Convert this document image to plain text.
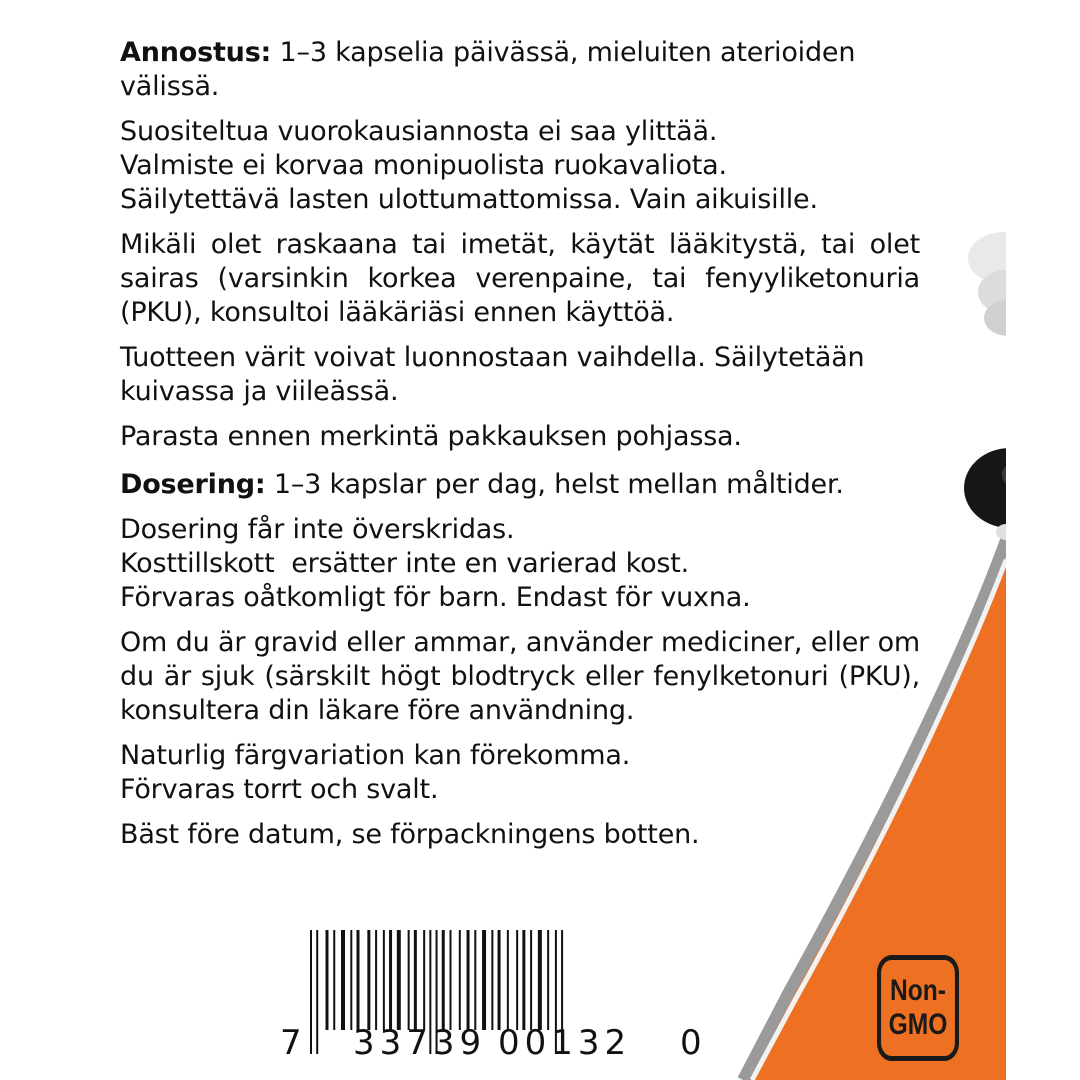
Annostus: 1–3 kapselia päivässä, mieluiten aterioiden välissä.

Suositeltua vuorokausiannosta ei saa ylittää.
Valmiste ei korvaa monipuolista ruokavaliota.
Säilytettävä lasten ulottumattomissa. Vain aikuisille.

Mikäli olet raskaana tai imetät, käytät lääkitystä, tai olet sairas (varsinkin korkea verenpaine, tai fenyyliketonuria (PKU), konsultoi lääkäriäsi ennen käyttöä.

Tuotteen värit voivat luonnostaan vaihdella. Säilytetään kuivassa ja viileässä.

Parasta ennen merkintä pakkauksen pohjassa.

Dosering: 1–3 kapslar per dag, helst mellan måltider.

Dosering får inte överskridas.
Kosttillskott  ersätter inte en varierad kost.
Förvaras oåtkomligt för barn. Endast för vuxna.

Om du är gravid eller ammar, använder mediciner, eller om du är sjuk (särskilt högt blodtryck eller fenylketonuri (PKU), konsultera din läkare före användning.

Naturlig färgvariation kan förekomma.
Förvaras torrt och svalt.

Bäst före datum, se förpackningens botten.

7 33739 00132 0
Non-
GMO
